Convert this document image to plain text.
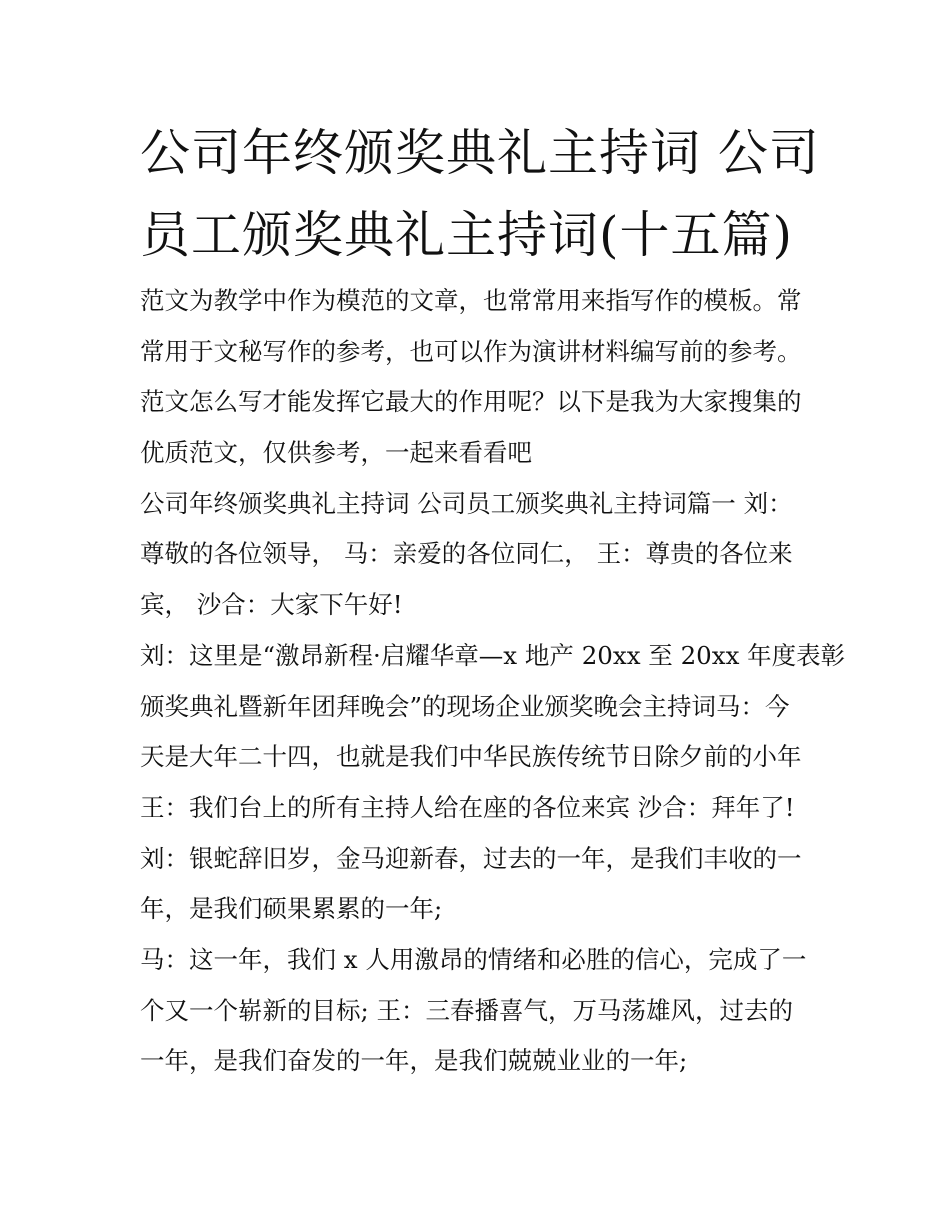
公司年终颁奖典礼主持词 公司
员工颁奖典礼主持词(十五篇)
范文为教学中作为模范的文章，也常常用来指写作的模板。常
常用于文秘写作的参考，也可以作为演讲材料编写前的参考。
范文怎么写才能发挥它最大的作用呢？以下是我为大家搜集的
优质范文，仅供参考，一起来看看吧
公司年终颁奖典礼主持词 公司员工颁奖典礼主持词篇一 刘：
尊敬的各位领导， 马：亲爱的各位同仁， 王：尊贵的各位来
宾， 沙合：大家下午好!
刘：这里是“激昂新程·启耀华章—x 地产 20xx 至 20xx 年度表彰
颁奖典礼暨新年团拜晚会”的现场企业颁奖晚会主持词马：今
天是大年二十四，也就是我们中华民族传统节日除夕前的小年
王：我们台上的所有主持人给在座的各位来宾 沙合：拜年了!
刘：银蛇辞旧岁，金马迎新春，过去的一年，是我们丰收的一
年，是我们硕果累累的一年;
马：这一年，我们 x 人用激昂的情绪和必胜的信心，完成了一
个又一个崭新的目标; 王：三春播喜气，万马荡雄风，过去的
一年，是我们奋发的一年，是我们兢兢业业的一年;
